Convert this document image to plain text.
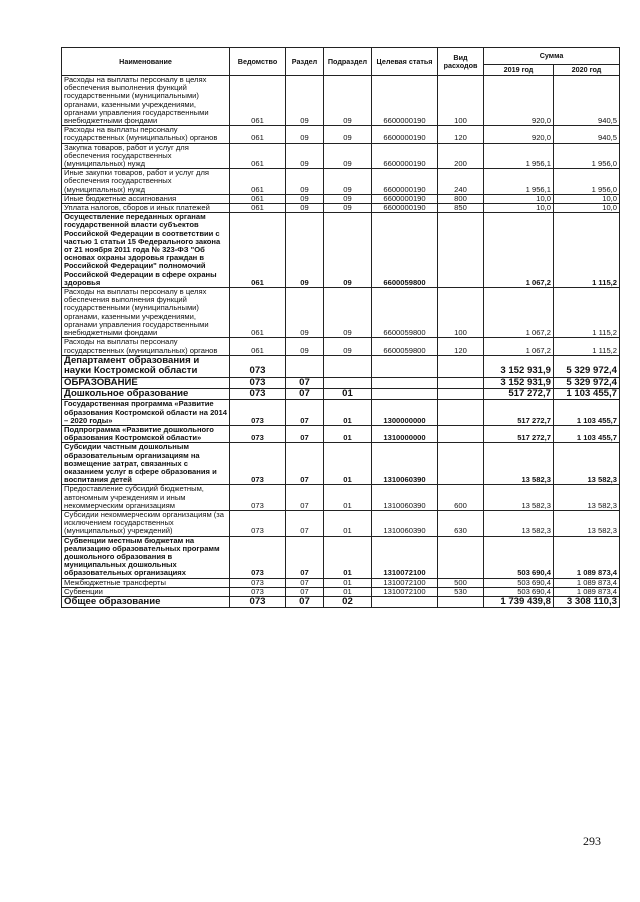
Наименование	Ведомство	Раздел	Подраздел	Целевая статья	Вид расходов	Сумма	
						2019 год	2020 год
Расходы на выплаты персоналу в целях обеспечения выполнения функций государственными (муниципальными) органами, казенными учреждениями, органами управления государственными внебюджетными фондами	061	09	09	6600000190	100	920,0	940,5
Расходы на выплаты персоналу государственных (муниципальных) органов	061	09	09	6600000190	120	920,0	940,5
Закупка товаров, работ и услуг для обеспечения государственных (муниципальных) нужд	061	09	09	6600000190	200	1 956,1	1 956,0
Иные закупки товаров, работ и услуг для обеспечения государственных (муниципальных) нужд	061	09	09	6600000190	240	1 956,1	1 956,0
Иные бюджетные ассигнования	061	09	09	6600000190	800	10,0	10,0
Уплата налогов, сборов и иных платежей	061	09	09	6600000190	850	10,0	10,0
Осуществление переданных органам государственной власти субъектов Российской Федерации в соответствии с частью 1 статьи 15 Федерального закона от 21 ноября 2011 года № 323-ФЗ "Об основах охраны здоровья граждан в Российской Федерации" полномочий Российской Федерации в сфере охраны здоровья	061	09	09	6600059800		1 067,2	1 115,2
Расходы на выплаты персоналу в целях обеспечения выполнения функций государственными (муниципальными) органами, казенными учреждениями, органами управления государственными внебюджетными фондами	061	09	09	6600059800	100	1 067,2	1 115,2
Расходы на выплаты персоналу государственных (муниципальных) органов	061	09	09	6600059800	120	1 067,2	1 115,2
Департамент образования и науки Костромской области	073					3 152 931,9	5 329 972,4
ОБРАЗОВАНИЕ	073	07				3 152 931,9	5 329 972,4
Дошкольное образование	073	07	01			517 272,7	1 103 455,7
Государственная программа «Развитие образования Костромской области на 2014 – 2020 годы»	073	07	01	1300000000		517 272,7	1 103 455,7
Подпрограмма «Развитие дошкольного образования Костромской области»	073	07	01	1310000000		517 272,7	1 103 455,7
Субсидии частным дошкольным образовательным организациям на возмещение затрат, связанных с оказанием услуг в сфере образования и воспитания детей	073	07	01	1310060390		13 582,3	13 582,3
Предоставление субсидий бюджетным, автономным учреждениям и иным некоммерческим организациям	073	07	01	1310060390	600	13 582,3	13 582,3
Субсидии некоммерческим организациям (за исключением государственных (муниципальных) учреждений)	073	07	01	1310060390	630	13 582,3	13 582,3
Субвенции местным бюджетам на реализацию образовательных программ дошкольного образования в муниципальных дошкольных образовательных организациях	073	07	01	1310072100		503 690,4	1 089 873,4
Межбюджетные трансферты	073	07	01	1310072100	500	503 690,4	1 089 873,4
Субвенции	073	07	01	1310072100	530	503 690,4	1 089 873,4
Общее образование	073	07	02			1 739 439,8	3 308 110,3
293
